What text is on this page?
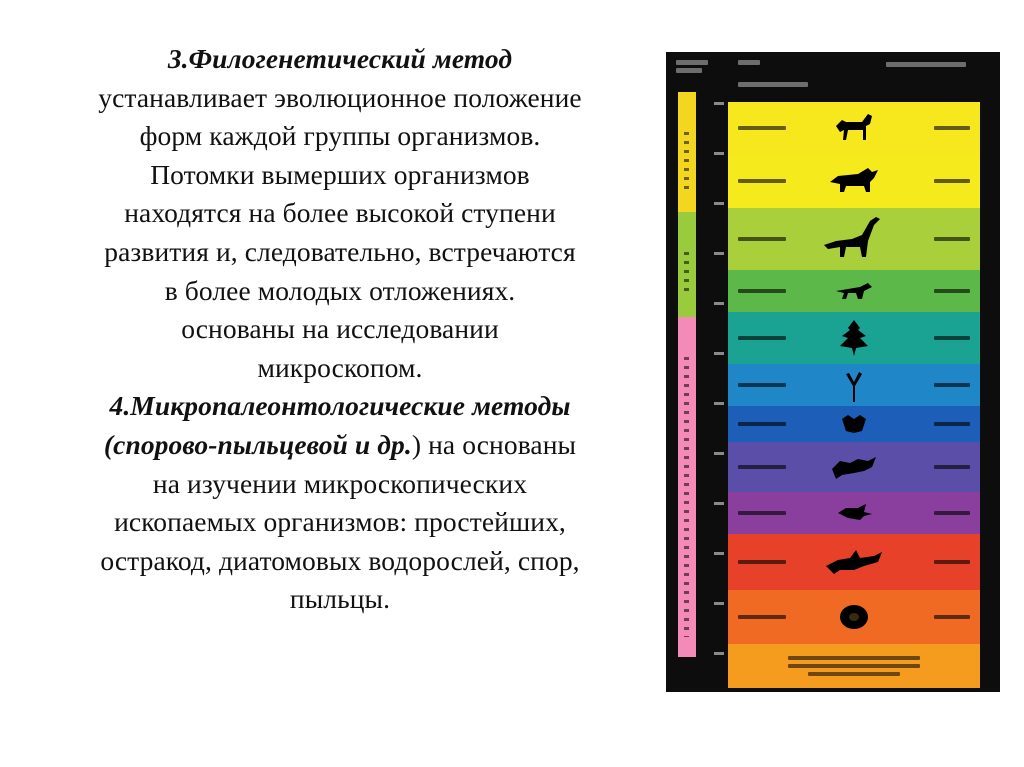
3.Филогенетический метод

устанавливает эволюционное положение

форм каждой группы организмов.

Потомки вымерших организмов

находятся на более высокой ступени

развития и, следовательно, встречаются

в более молодых отложениях.

основаны на исследовании

микроскопом.

4.Микропалеонтологические методы

(спорово-пыльцевой и др.) на основаны

на изучении микроскопических

ископаемых организмов: простейших,

остракод, диатомовых водорослей, спор,

пыльцы.
